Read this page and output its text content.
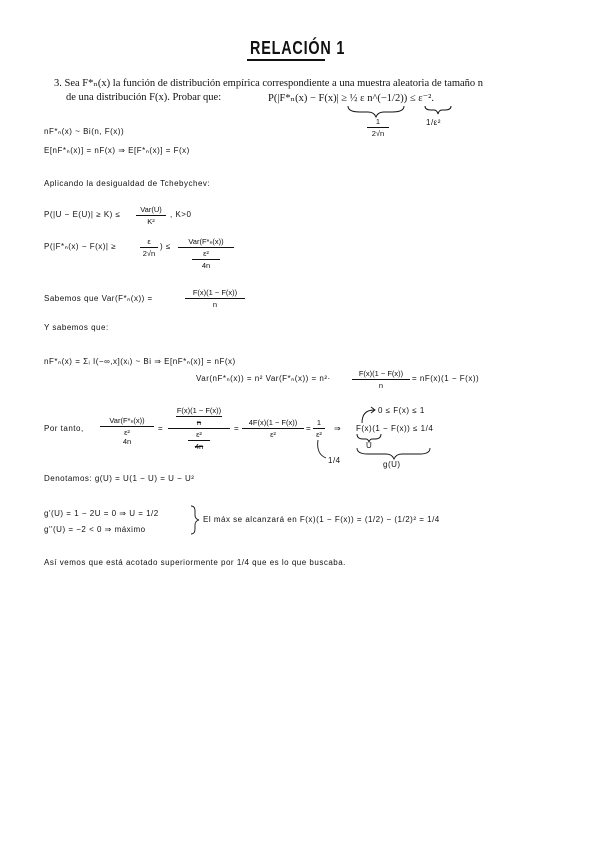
RELACIÓN 1
3. Sea F*ₙ(x) la función de distribución empírica correspondiente a una muestra aleatoria de tamaño n
de una distribución F(x). Probar que:	P(|F*ₙ(x) − F(x)| ≥ ½ ε n^(−1/2)) ≤ ε⁻².
1
2√n
1/ε²
nF*ₙ(x) ~ Bi(n, F(x))
E[nF*ₙ(x)] = nF(x) ⇒ E[F*ₙ(x)] = F(x)
Aplicando la desigualdad de Tchebychev:
P(|U − E(U)| ≥ K) ≤
Var(U)
K²
, K>0
P(|F*ₙ(x) − F(x)| ≥
ε
2√n
) ≤
Var(F*ₙ(x))
ε²
4n
Sabemos que Var(F*ₙ(x)) =
F(x)(1 − F(x))
n
Y sabemos que:
nF*ₙ(x) = Σᵢ I(−∞,x](xᵢ) ~ Bi ⇒ E[nF*ₙ(x)] = nF(x)
Var(nF*ₙ(x)) = n² Var(F*ₙ(x)) = n²·
F(x)(1 − F(x))
n
= nF(x)(1 − F(x))
Por tanto,
Var(F*ₙ(x))
ε²
4n
=
F(x)(1 − F(x))
n
ε²
4n
=
4F(x)(1 − F(x))
ε²
=
1
ε²
⇒
0 ≤ F(x) ≤ 1
F(x)(1 − F(x)) ≤ 1/4
U
g(U)
1/4
Denotamos: g(U) = U(1 − U) = U − U²
g'(U) = 1 − 2U = 0 ⇒ U = 1/2
g''(U) = −2 < 0 ⇒ máximo
El máx se alcanzará en F(x)(1 − F(x)) = (1/2) − (1/2)² = 1/4
Así vemos que está acotado superiormente por 1/4 que es lo que buscaba.
